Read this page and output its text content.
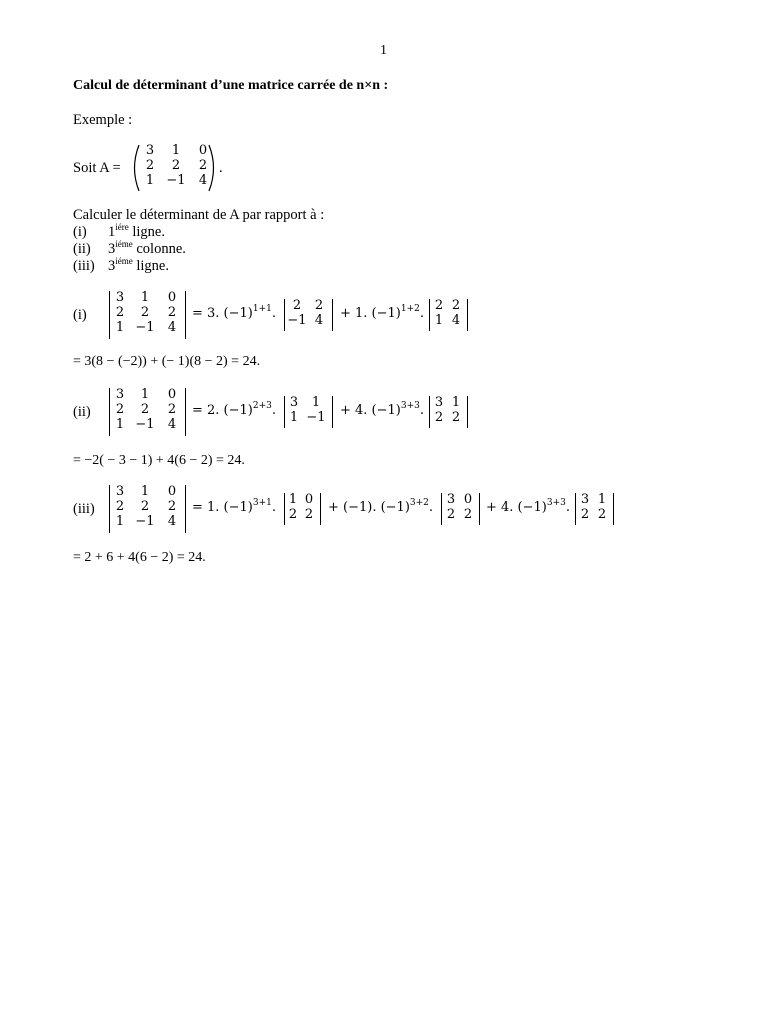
1
Calcul de déterminant d’une matrice carrée de n×n :
Exemple :
Soit A =
3	1	0
2	2	2
1 −1	4
.
Calculer le déterminant de A par rapport à :
(i) $1^{iére}$ ligne.
(ii) $3^{iéme}$ colonne.
(iii) $3^{iéme}$ ligne.
(i)
3	1	0
2	2	2
1 −1	4
= 3. $(-1)^{1+1}$.
2	2
−1 4	+ 1. $(-1)^{1+2}$.
2 2
1 4
= 3(8 − (−2)) + (− 1)(8 − 2) = 24.
(ii)
3	1	0
2	2	2
1 −1	4
= 2. $(-1)^{2+3}$.
3	1
1 −1	+ 4. $(-1)^{3+3}$.
3 1
2 2
= −2( − 3 − 1) + 4(6 − 2) = 24.
(iii)
3	1	0
2	2	2
1 −1	4
= 1. $(-1)^{3+1}$.
1 0
2 2	+ (−1). $(-1)^{3+2}$.
3 0
2 2	+ 4. $(-1)^{3+3}$.
3 1
2 2
= 2 + 6 + 4(6 − 2) = 24.
